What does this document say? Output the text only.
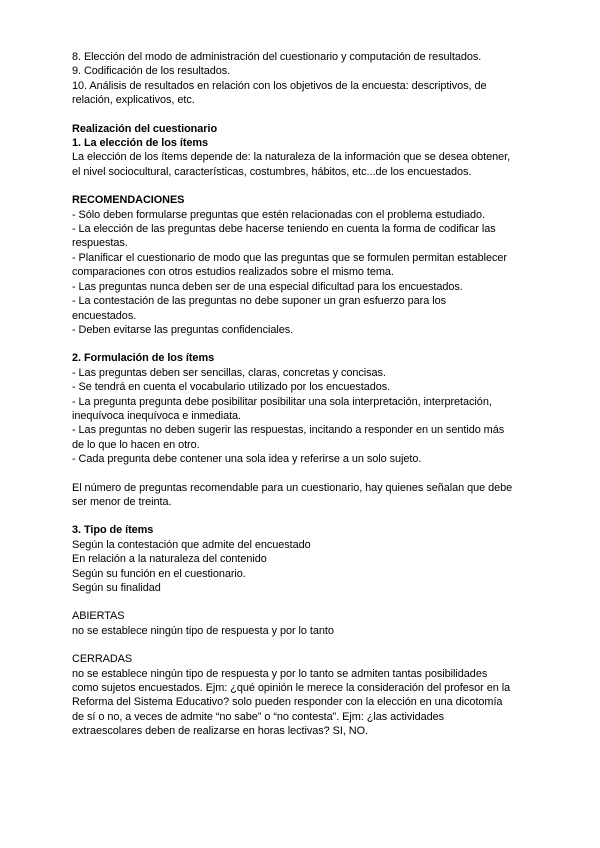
8. Elección del modo de administración del cuestionario y computación de resultados.
9. Codificación de los resultados.
10. Análisis de resultados en relación con los objetivos de la encuesta: descriptivos, de
relación, explicativos, etc.
Realización del cuestionario
1. La elección de los ítems
La elección de los ítems depende de: la naturaleza de la información que se desea obtener,
el nivel sociocultural, características, costumbres, hábitos, etc...de los encuestados.
RECOMENDACIONES
- Sólo deben formularse preguntas que estén relacionadas con el problema estudiado.
- La elección de las preguntas debe hacerse teniendo en cuenta la forma de codificar las
respuestas.
- Planificar el cuestionario de modo que las preguntas que se formulen permitan establecer
comparaciones con otros estudios realizados sobre el mismo tema.
- Las preguntas nunca deben ser de una especial dificultad para los encuestados.
- La contestación de las preguntas no debe suponer un gran esfuerzo para los
encuestados.
- Deben evitarse las preguntas confidenciales.
2. Formulación de los ítems
- Las preguntas deben ser sencillas, claras, concretas y concisas.
- Se tendrá en cuenta el vocabulario utilizado por los encuestados.
- La pregunta pregunta debe posibilitar posibilitar una sola interpretación, interpretación,
inequívoca inequívoca e inmediata.
- Las preguntas no deben sugerir las respuestas, incitando a responder en un sentido más
de lo que lo hacen en otro.
- Cada pregunta debe contener una sola idea y referirse a un solo sujeto.
El número de preguntas recomendable para un cuestionario, hay quienes señalan que debe
ser menor de treinta.
3. Tipo de ítems
Según la contestación que admite del encuestado
En relación a la naturaleza del contenido
Según su función en el cuestionario.
Según su finalidad
ABIERTAS
no se establece ningún tipo de respuesta y por lo tanto
CERRADAS
no se establece ningún tipo de respuesta y por lo tanto se admiten tantas posibilidades
como sujetos encuestados. Ejm: ¿qué opinión le merece la consideración del profesor en la
Reforma del Sistema Educativo? solo pueden responder con la elección en una dicotomía
de sí o no, a veces de admite “no sabe” o “no contesta”. Ejm: ¿las actividades
extraescolares deben de realizarse en horas lectivas? SI, NO.
